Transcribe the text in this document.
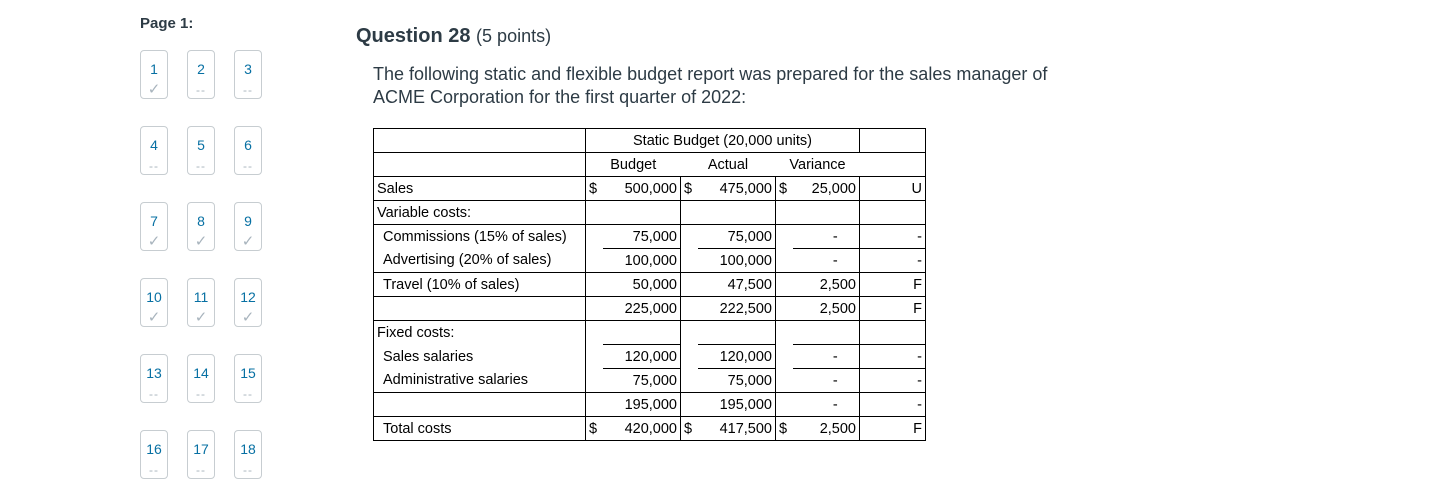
Page 1:
1
✓
2
--
3
--
4
--
5
--
6
--
7
✓
8
✓
9
✓
10
✓
11
✓
12
✓
13
--
14
--
15
--
16
--
17
--
18
--
Question 28 (5 points)
The following static and flexible budget report was prepared for the sales manager of
ACME Corporation for the first quarter of 2022:
	Static Budget (20,000 units)						
	Budget		Actual		Variance		
Sales	$	500,000	$	475,000	$	25,000	U
Variable costs:							
Commissions (15% of sales)		75,000		75,000		-	-
Advertising (20% of sales)		100,000		100,000		-	-
Travel (10% of sales)		50,000		47,500		2,500	F
		225,000		222,500		2,500	F
Fixed costs:							
Sales salaries		120,000		120,000		-	-
Administrative salaries		75,000		75,000		-	-
		195,000		195,000		-	-
Total costs	$	420,000	$	417,500	$	2,500	F
